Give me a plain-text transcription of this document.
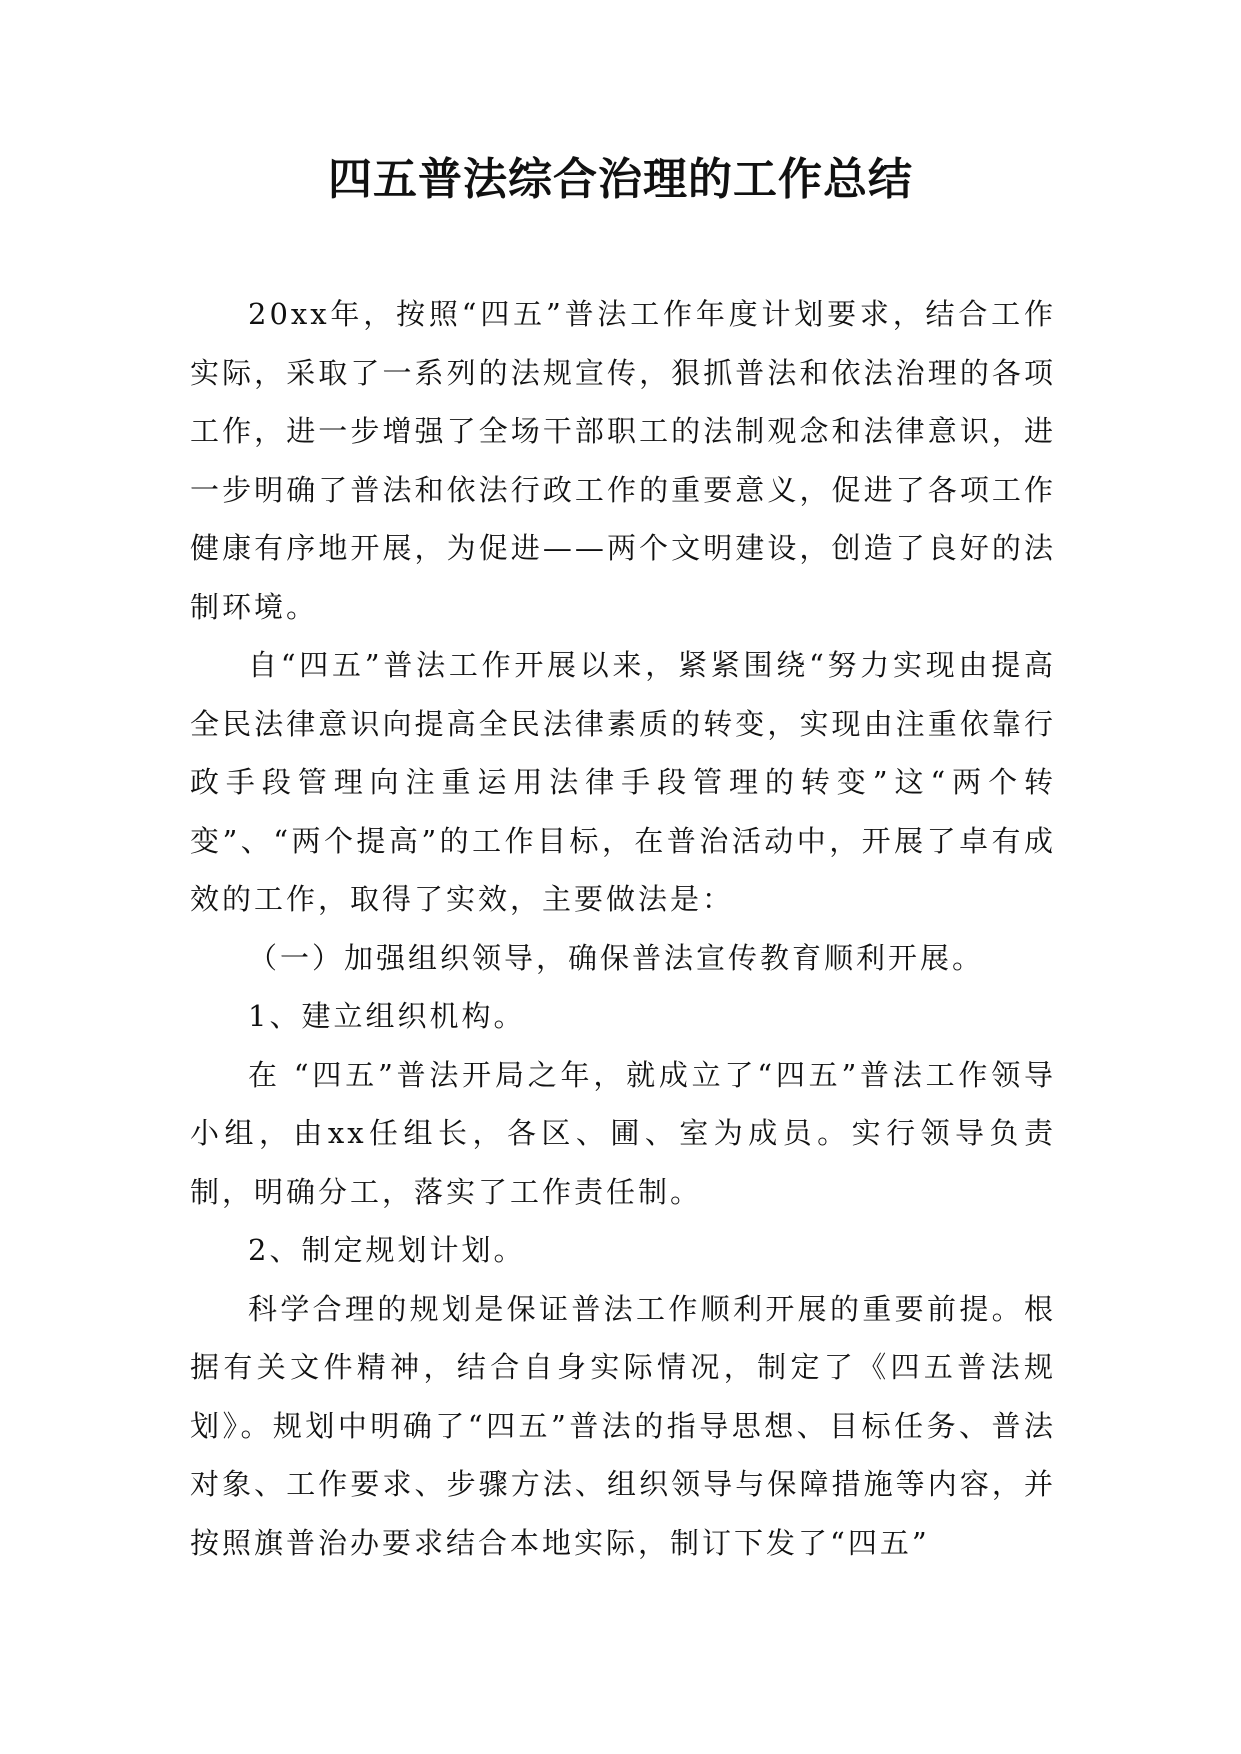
四五普法综合治理的工作总结

20xx年，按照“四五”普法工作年度计划要求，结合工作实际，采取了一系列的法规宣传，狠抓普法和依法治理的各项工作，进一步增强了全场干部职工的法制观念和法律意识，进一步明确了普法和依法行政工作的重要意义，促进了各项工作健康有序地开展，为促进——两个文明建设，创造了良好的法制环境。

自“四五”普法工作开展以来，紧紧围绕“努力实现由提高全民法律意识向提高全民法律素质的转变，实现由注重依靠行政手段管理向注重运用法律手段管理的转变”这“两个转变”、“两个提高”的工作目标，在普治活动中，开展了卓有成效的工作，取得了实效，主要做法是：

（一）加强组织领导，确保普法宣传教育顺利开展。

1、建立组织机构。

在 “四五”普法开局之年，就成立了“四五”普法工作领导小组，由xx任组长，各区、圃、室为成员。实行领导负责制，明确分工，落实了工作责任制。

2、制定规划计划。

科学合理的规划是保证普法工作顺利开展的重要前提。根据有关文件精神，结合自身实际情况，制定了《四五普法规划》。规划中明确了“四五”普法的指导思想、目标任务、普法对象、工作要求、步骤方法、组织领导与保障措施等内容，并按照旗普治办要求结合本地实际，制订下发了“四五”
